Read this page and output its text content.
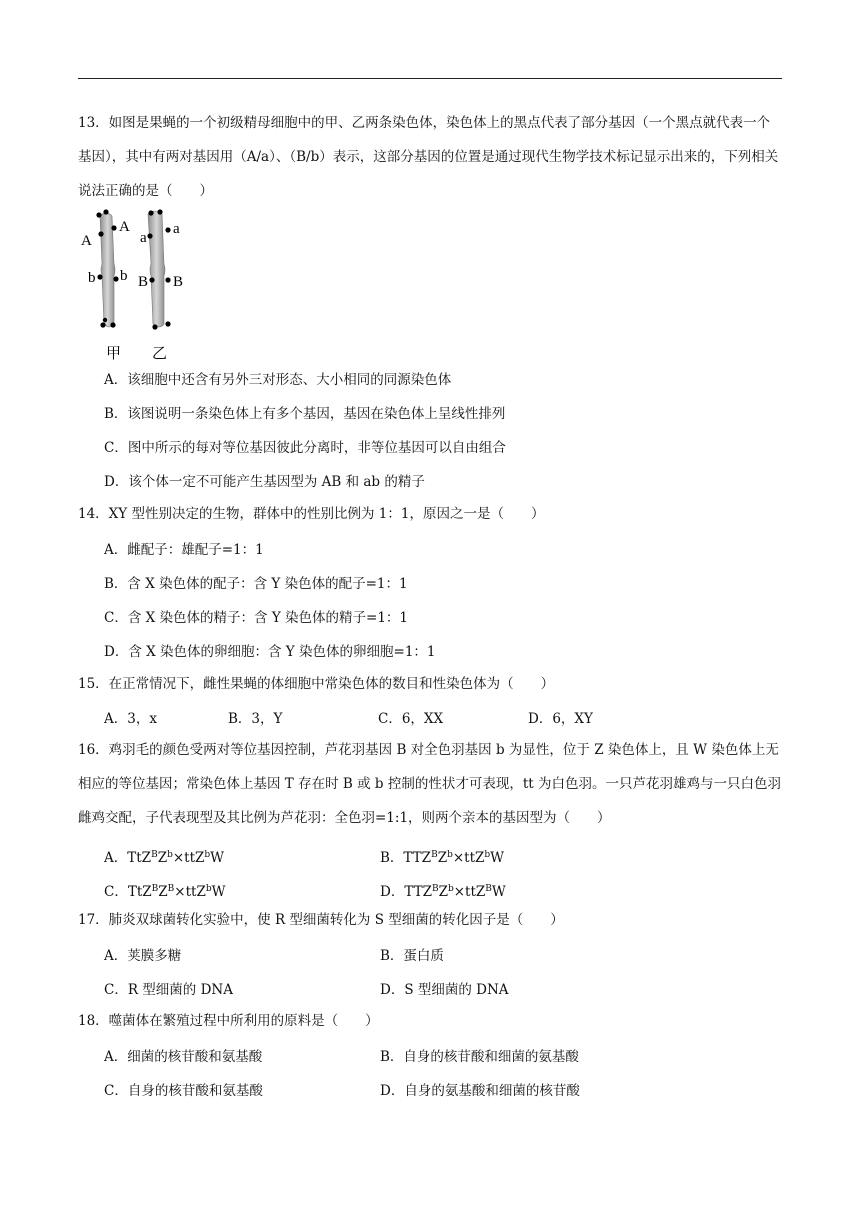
13．如图是果蝇的一个初级精母细胞中的甲、乙两条染色体，染色体上的黑点代表了部分基因（一个黑点就代表一个基因），其中有两对基因用（A/a）、（B/b）表示，这部分基因的位置是通过现代生物学技术标记显示出来的，下列相关说法正确的是（　　）

A
A	a
a
b b B B
甲 乙
A．该细胞中还含有另外三对形态、大小相同的同源染色体
B．该图说明一条染色体上有多个基因，基因在染色体上呈线性排列
C．图中所示的每对等位基因彼此分离时，非等位基因可以自由组合
D．该个体一定不可能产生基因型为 AB 和 ab 的精子

14．XY 型性别决定的生物，群体中的性别比例为 1：1，原因之一是（　　）

A．雌配子：雄配子=1：1
B．含 X 染色体的配子：含 Y 染色体的配子=1：1
C．含 X 染色体的精子：含 Y 染色体的精子=1：1
D．含 X 染色体的卵细胞：含 Y 染色体的卵细胞=1：1

15．在正常情况下，雌性果蝇的体细胞中常染色体的数目和性染色体为（　　）

A．3，x	B．3，Y	C．6，XX	D．6，XY

16．鸡羽毛的颜色受两对等位基因控制，芦花羽基因 B 对全色羽基因 b 为显性，位于 Z 染色体上，且 W 染色体上无相应的等位基因；常染色体上基因 T 存在时 B 或 b 控制的性状才可表现，tt 为白色羽。一只芦花羽雄鸡与一只白色羽雌鸡交配，子代表现型及其比例为芦花羽：全色羽=1:1，则两个亲本的基因型为（　　）

A．$TtZ^BZ^b\times ttZ^bW$	B．$TTZ^BZ^b\times ttZ^bW$
C．$TtZ^BZ^B\times ttZ^bW$	D．$TTZ^BZ^b\times ttZ^BW$

17．肺炎双球菌转化实验中，使 R 型细菌转化为 S 型细菌的转化因子是（　　）

A．荚膜多糖	B．蛋白质
C．R 型细菌的 DNA	D．S 型细菌的 DNA

18．噬菌体在繁殖过程中所利用的原料是（　　）

A．细菌的核苷酸和氨基酸	B．自身的核苷酸和细菌的氨基酸
C．自身的核苷酸和氨基酸	D．自身的氨基酸和细菌的核苷酸
